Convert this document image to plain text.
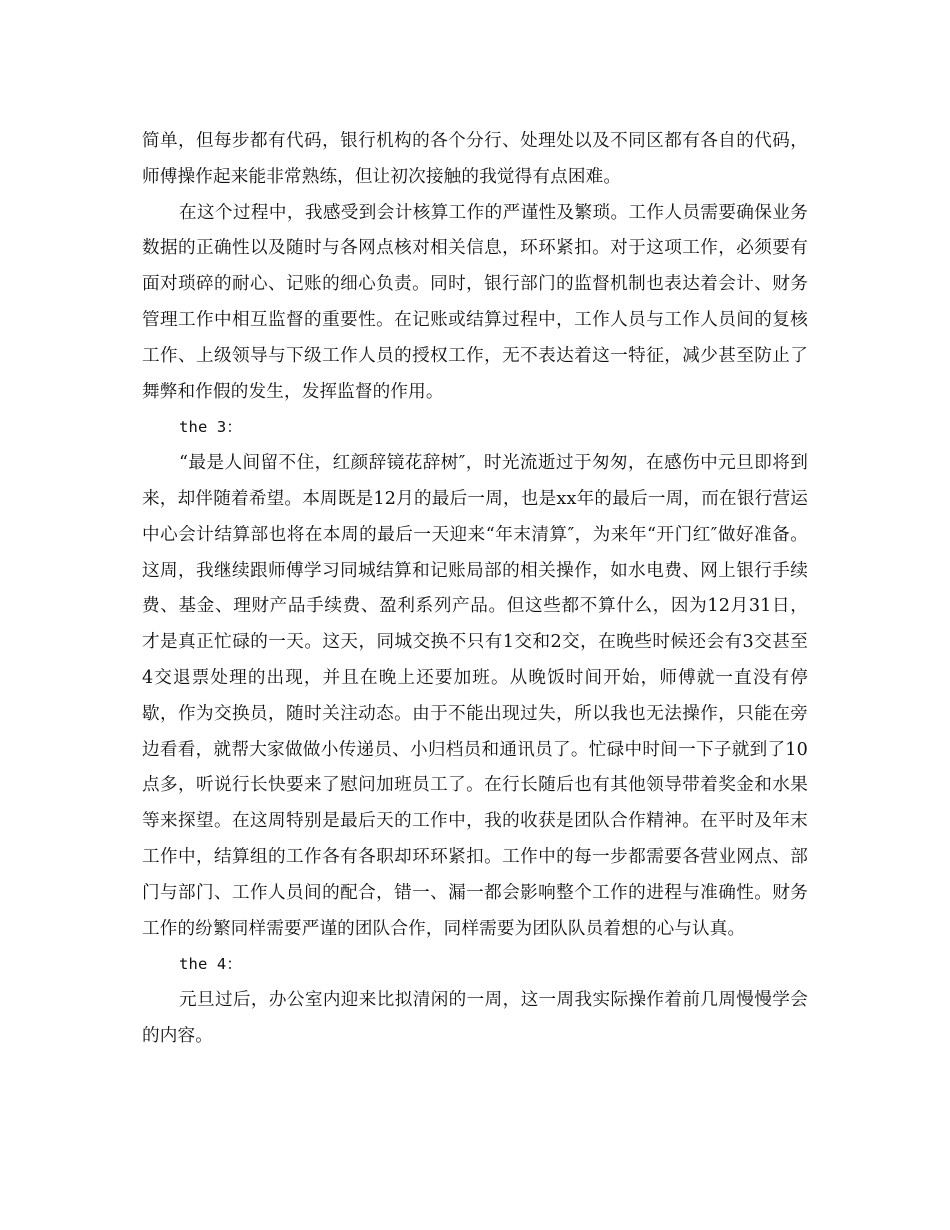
简单，但每步都有代码，银行机构的各个分行、处理处以及不同区都有各自的代码，师傅操作起来能非常熟练，但让初次接触的我觉得有点困难。

在这个过程中，我感受到会计核算工作的严谨性及繁琐。工作人员需要确保业务数据的正确性以及随时与各网点核对相关信息，环环紧扣。对于这项工作，必须要有面对琐碎的耐心、记账的细心负责。同时，银行部门的监督机制也表达着会计、财务管理工作中相互监督的重要性。在记账或结算过程中，工作人员与工作人员间的复核工作、上级领导与下级工作人员的授权工作，无不表达着这一特征，减少甚至防止了舞弊和作假的发生，发挥监督的作用。

the 3：

“最是人间留不住，红颜辞镜花辞树″，时光流逝过于匆匆，在感伤中元旦即将到来，却伴随着希望。本周既是12月的最后一周，也是xx年的最后一周，而在银行营运中心会计结算部也将在本周的最后一天迎来“年末清算″，为来年“开门红″做好准备。这周，我继续跟师傅学习同城结算和记账局部的相关操作，如水电费、网上银行手续费、基金、理财产品手续费、盈利系列产品。但这些都不算什么，因为12月31日，才是真正忙碌的一天。这天，同城交换不只有1交和2交，在晚些时候还会有3交甚至4交退票处理的出现，并且在晚上还要加班。从晚饭时间开始，师傅就一直没有停歇，作为交换员，随时关注动态。由于不能出现过失，所以我也无法操作，只能在旁边看看，就帮大家做做小传递员、小归档员和通讯员了。忙碌中时间一下子就到了10点多，听说行长快要来了慰问加班员工了。在行长随后也有其他领导带着奖金和水果等来探望。在这周特别是最后天的工作中，我的收获是团队合作精神。在平时及年末工作中，结算组的工作各有各职却环环紧扣。工作中的每一步都需要各营业网点、部门与部门、工作人员间的配合，错一、漏一都会影响整个工作的进程与准确性。财务工作的纷繁同样需要严谨的团队合作，同样需要为团队队员着想的心与认真。

the 4：

元旦过后，办公室内迎来比拟清闲的一周，这一周我实际操作着前几周慢慢学会的内容。
